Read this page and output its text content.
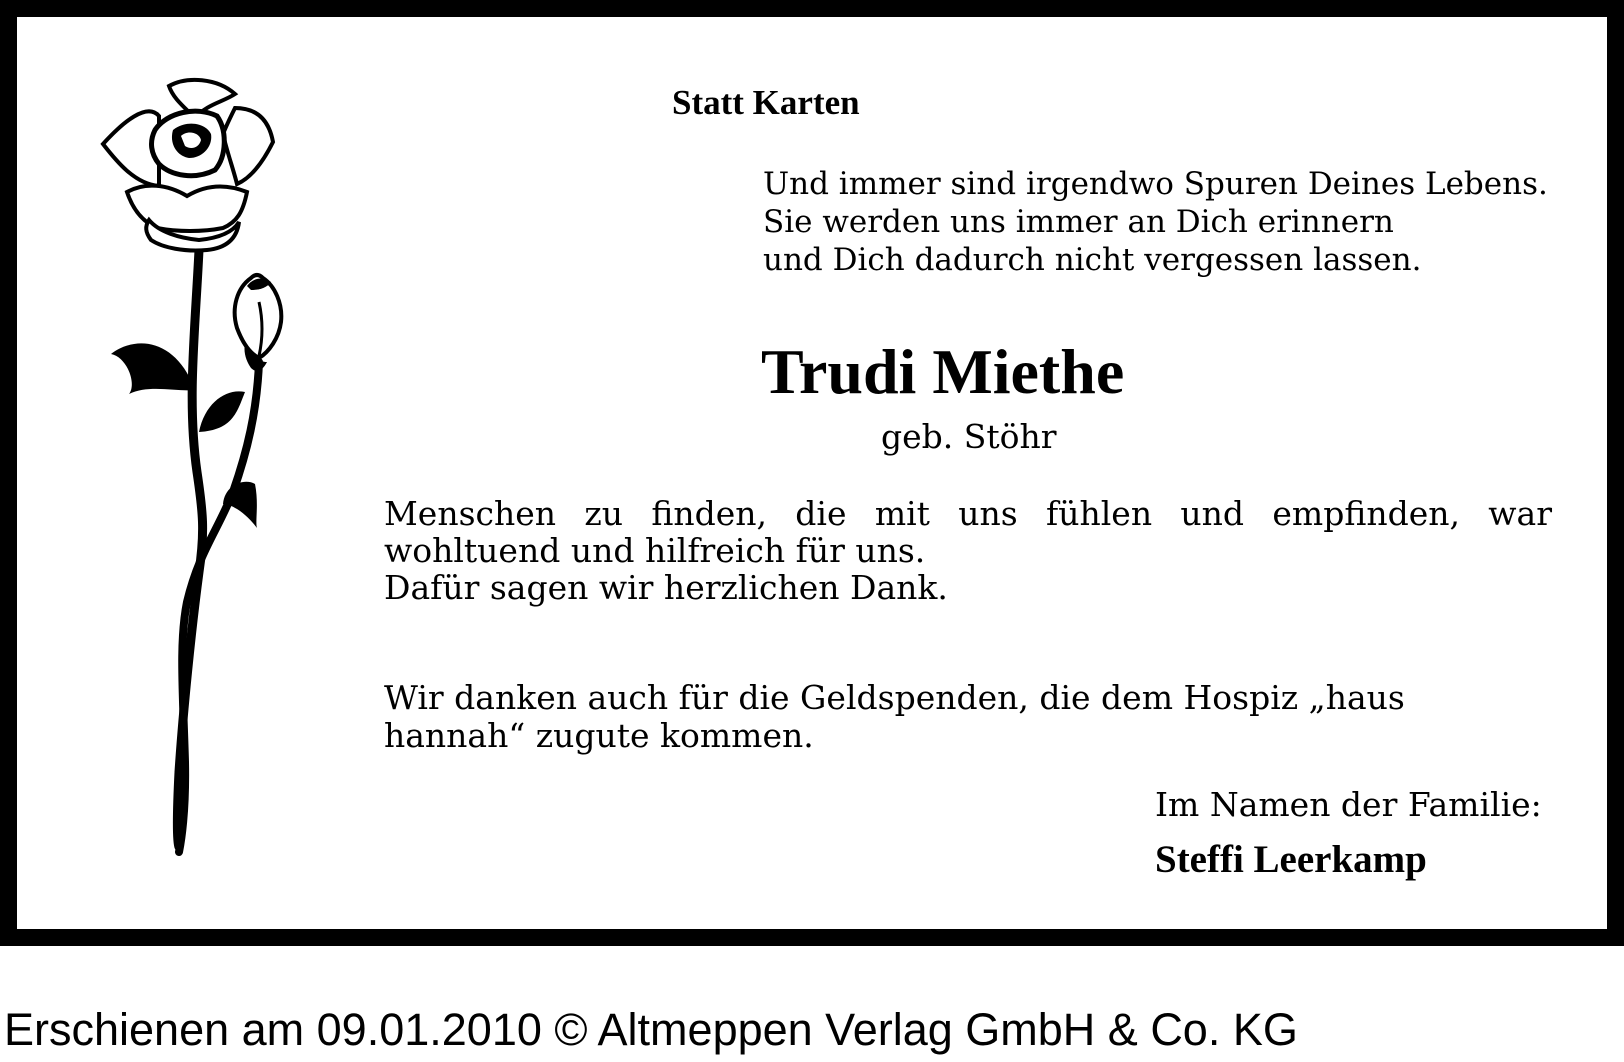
Statt Karten
Und immer sind irgendwo Spuren Deines Lebens.
Sie werden uns immer an Dich erinnern
und Dich dadurch nicht vergessen lassen.
Trudi Miethe
geb. Stöhr
Menschen zu finden, die mit uns fühlen und empfinden, war wohltuend und hilfreich für uns.
Dafür sagen wir herzlichen Dank.
Wir danken auch für die Geldspenden, die dem Hospiz „haus hannah“ zugute kommen.
Im Namen der Familie:
Steffi Leerkamp
Erschienen am 09.01.2010 © Altmeppen Verlag GmbH & Co. KG
